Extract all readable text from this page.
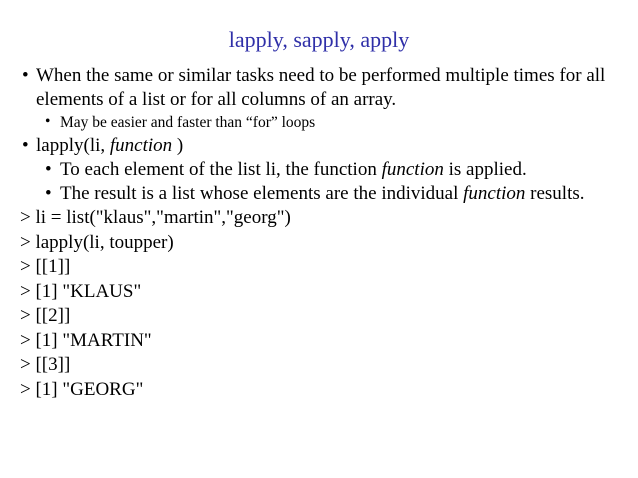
lapply, sapply, apply
• When the same or similar tasks need to be performed multiple times for all elements of a list or for all columns of an array.
• May be easier and faster than “for” loops
• lapply(li, function )
• To each element of the list li, the function function is applied.
• The result is a list whose elements are the individual function results.
> li = list("klaus","martin","georg")
> lapply(li, toupper)
> [[1]]
> [1] "KLAUS"
> [[2]]
> [1] "MARTIN"
> [[3]]
> [1] "GEORG"
